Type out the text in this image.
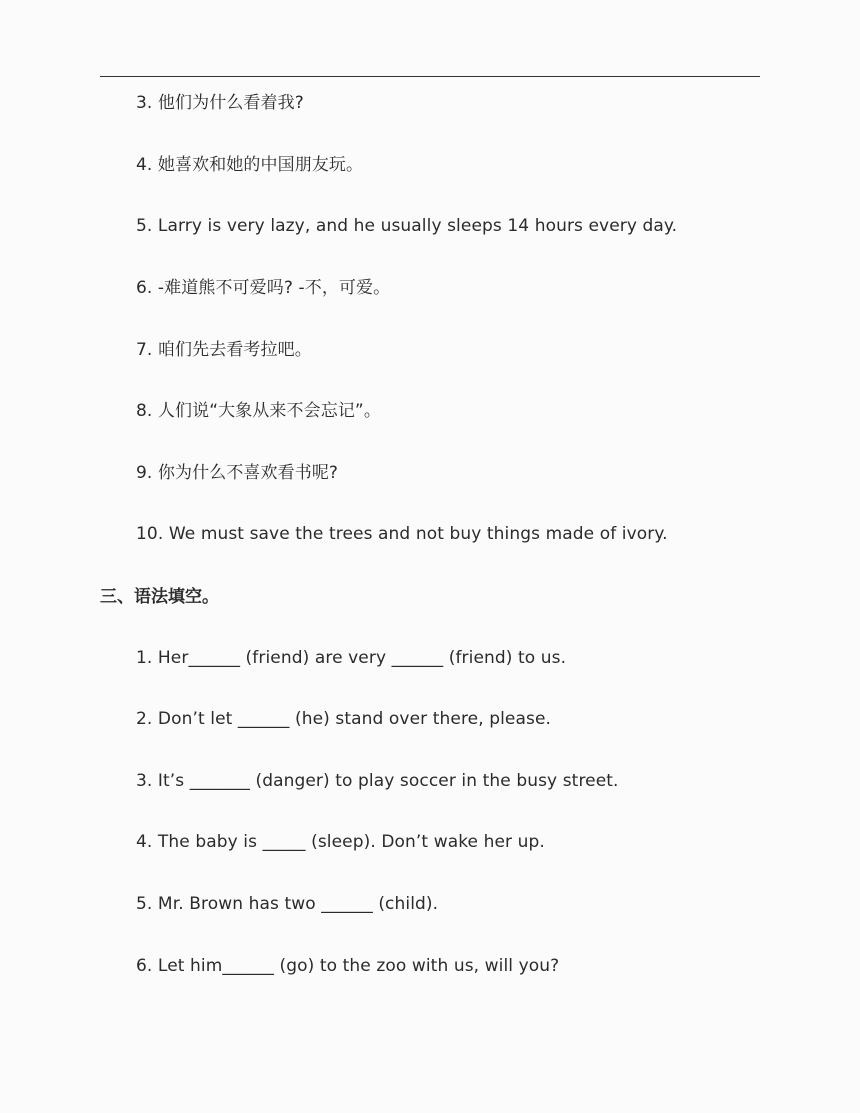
3. 他们为什么看着我?
4. 她喜欢和她的中国朋友玩。
5. Larry is very lazy, and he usually sleeps 14 hours every day.
6. -难道熊不可爱吗? -不，可爱。
7. 咱们先去看考拉吧。
8. 人们说“大象从来不会忘记”。
9. 你为什么不喜欢看书呢?
10. We must save the trees and not buy things made of ivory.
三、语法填空。
1. Her______ (friend) are very ______ (friend) to us.
2. Don’t let ______ (he) stand over there, please.
3. It’s _______ (danger) to play soccer in the busy street.
4. The baby is _____ (sleep). Don’t wake her up.
5. Mr. Brown has two ______ (child).
6. Let him______ (go) to the zoo with us, will you?
